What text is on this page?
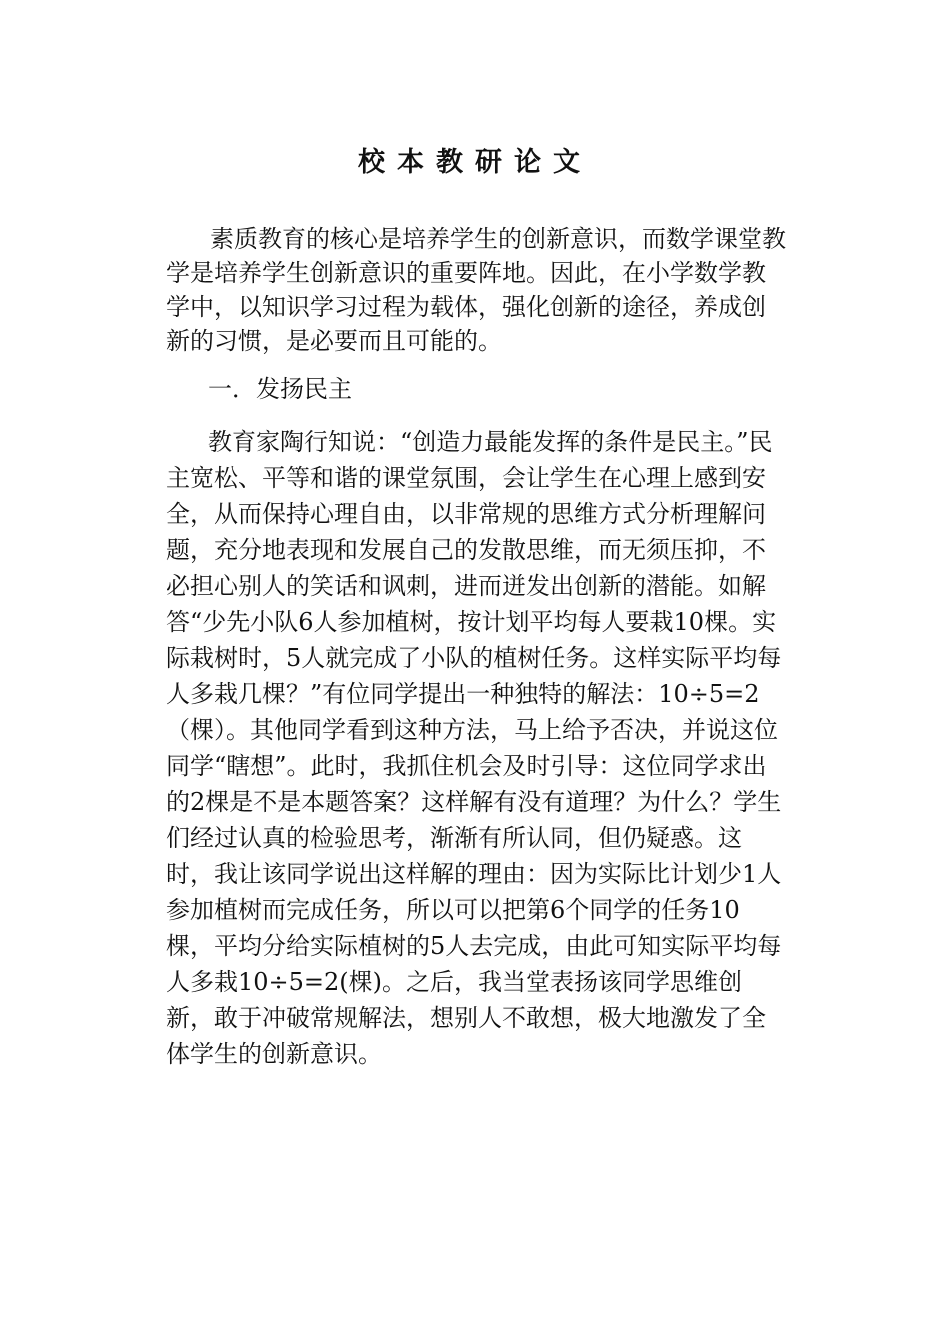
校本教研论文

素质教育的核心是培养学生的创新意识，而数学课堂教学是培养学生创新意识的重要阵地。因此，在小学数学教学中，以知识学习过程为载体，强化创新的途径，养成创新的习惯，是必要而且可能的。

一．发扬民主

教育家陶行知说：“创造力最能发挥的条件是民主。”民主宽松、平等和谐的课堂氛围，会让学生在心理上感到安全，从而保持心理自由，以非常规的思维方式分析理解问题，充分地表现和发展自己的发散思维，而无须压抑，不必担心别人的笑话和讽刺，进而迸发出创新的潜能。如解答“少先小队6人参加植树，按计划平均每人要栽10棵。实际栽树时，5人就完成了小队的植树任务。这样实际平均每人多栽几棵？”有位同学提出一种独特的解法：10÷5=2（棵）。其他同学看到这种方法，马上给予否决，并说这位同学“瞎想”。此时，我抓住机会及时引导：这位同学求出的2棵是不是本题答案？这样解有没有道理？为什么？学生们经过认真的检验思考，渐渐有所认同，但仍疑惑。这时，我让该同学说出这样解的理由：因为实际比计划少1人参加植树而完成任务，所以可以把第6个同学的任务10棵，平均分给实际植树的5人去完成，由此可知实际平均每人多栽10÷5=2(棵)。之后，我当堂表扬该同学思维创新，敢于冲破常规解法，想别人不敢想，极大地激发了全体学生的创新意识。
